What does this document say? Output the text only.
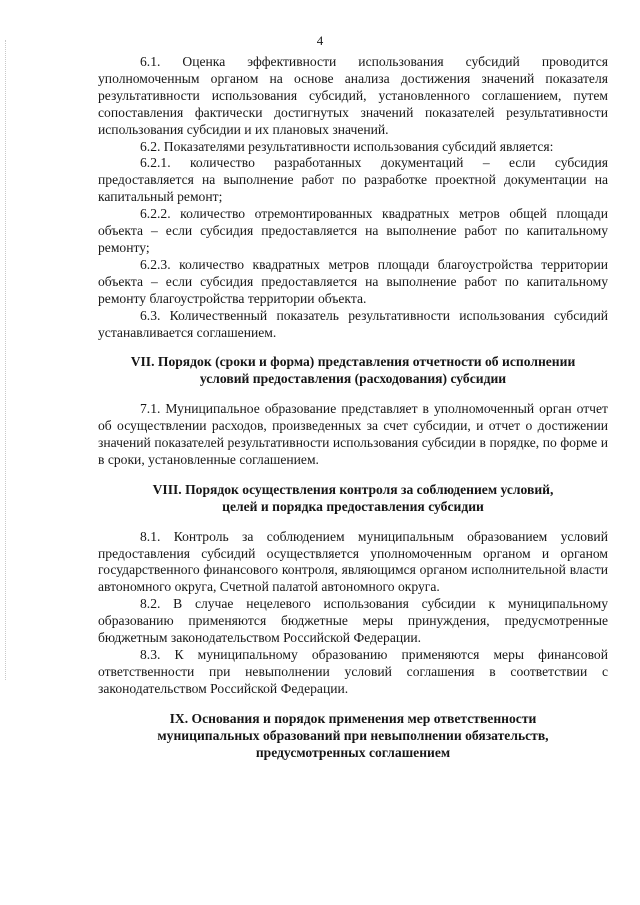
4

6.1. Оценка эффективности использования субсидий проводится уполномоченным органом на основе анализа достижения значений показателя результативности использования субсидий, установленного соглашением, путем сопоставления фактически достигнутых значений показателей результативности использования субсидии и их плановых значений.

6.2. Показателями результативности использования субсидий является:

6.2.1. количество разработанных документаций – если субсидия предоставляется на выполнение работ по разработке проектной документации на капитальный ремонт;

6.2.2. количество отремонтированных квадратных метров общей площади объекта – если субсидия предоставляется на выполнение работ по капитальному ремонту;

6.2.3. количество квадратных метров площади благоустройства территории объекта – если субсидия предоставляется на выполнение работ по капитальному ремонту благоустройства территории объекта.

6.3. Количественный показатель результативности использования субсидий устанавливается соглашением.

VII. Порядок (сроки и форма) представления отчетности об исполнении
условий предоставления (расходования) субсидии

7.1. Муниципальное образование представляет в уполномоченный орган отчет об осуществлении расходов, произведенных за счет субсидии, и отчет о достижении значений показателей результативности использования субсидии в порядке, по форме и в сроки, установленные соглашением.

VIII. Порядок осуществления контроля за соблюдением условий,
целей и порядка предоставления субсидии

8.1. Контроль за соблюдением муниципальным образованием условий предоставления субсидий осуществляется уполномоченным органом и органом государственного финансового контроля, являющимся органом исполнительной власти автономного округа, Счетной палатой автономного округа.

8.2. В случае нецелевого использования субсидии к муниципальному образованию применяются бюджетные меры принуждения, предусмотренные бюджетным законодательством Российской Федерации.

8.3. К муниципальному образованию применяются меры финансовой ответственности при невыполнении условий соглашения в соответствии с законодательством Российской Федерации.

IX. Основания и порядок применения мер ответственности
муниципальных образований при невыполнении обязательств,
предусмотренных соглашением
